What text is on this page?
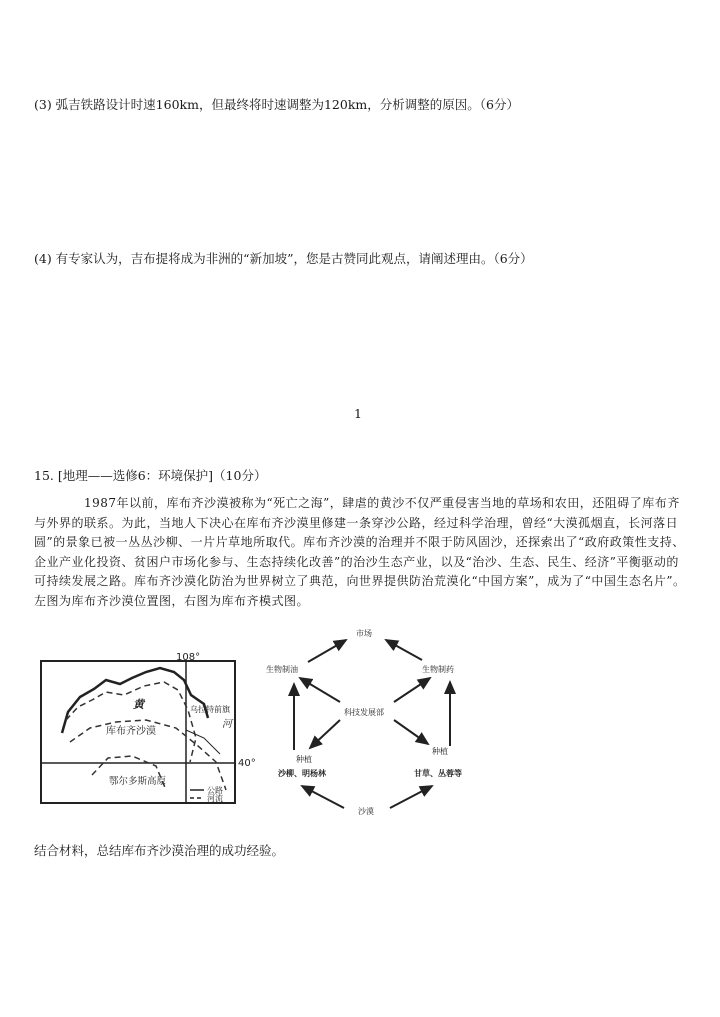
(3) 弧吉铁路设计时速160km，但最终将时速调整为120km，分析调整的原因。（6分）
(4) 有专家认为，吉布提将成为非洲的“新加坡”，您是古赞同此观点，请阐述理由。（6分）
1
15. [地理——选修6：环境保护]（10分）
1987年以前，库布齐沙漠被称为“死亡之海”，肆虐的黄沙不仅严重侵害当地的草场和农田，还阻碍了库布齐与外界的联系。为此，当地人下决心在库布齐沙漠里修建一条穿沙公路，经过科学治理，曾经“大漠孤烟直，长河落日圆”的景象已被一丛丛沙柳、一片片草地所取代。库布齐沙漠的治理并不限于防风固沙，还探索出了“政府政策性支持、企业产业化投资、贫困户市场化参与、生态持续化改善”的治沙生态产业，以及“治沙、生态、民生、经济”平衡驱动的可持续发展之路。库布齐沙漠化防治为世界树立了典范，向世界提供防治荒漠化“中国方案”，成为了“中国生态名片”。左图为库布齐沙漠位置图，右图为库布齐模式图。
108°
40°
黄
河
乌拉特前旗
库布齐沙漠
鄂尔多斯高原
公路
河流
市场
生物制油	生物制药
科技发展部
种植
种植
沙柳、明杨林	甘草、丛蓉等
沙漠
结合材料，总结库布齐沙漠治理的成功经验。
